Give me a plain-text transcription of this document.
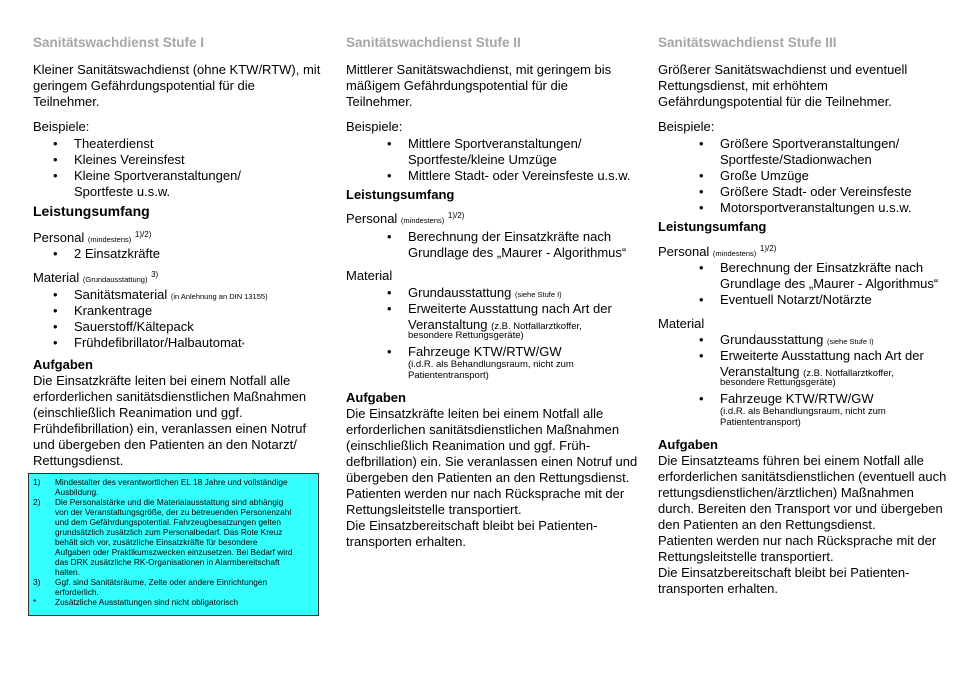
Sanitätswachdienst Stufe I
Kleiner Sanitätswachdienst (ohne KTW/RTW), mit
geringem Gefährdungspotential für die
Teilnehmer.
Beispiele:
• Theaterdienst
• Kleines Vereinsfest
• Kleine Sportveranstaltungen/
Sportfeste u.s.w.
Leistungsumfang
Personal (mindestens) $^{1)/2)}$
• 2 Einsatzkräfte
Material (Grundausstattung) $^{3)}$
• Sanitätsmaterial (in Anlehnung an DIN 13155)
• Krankentrage
• Sauerstoff/Kältepack
• Frühdefibrillator/Halbautomat*
Aufgaben
Die Einsatzkräfte leiten bei einem Notfall alle
erforderlichen sanitätsdienstlichen Maßnahmen
(einschließlich Reanimation und ggf.
Frühdefibrillation) ein, veranlassen einen Notruf
und übergeben den Patienten an den Notarzt/
Rettungsdienst.
1) Mindestalter des verantwortlichen EL 18 Jahre und vollständige
Ausbildung.
2) Die Personalstärke und die Materialausstattung sind abhängig
von der Veranstaltungsgröße, der zu betreuenden Personenzahl
und dem Gefährdungspotential. Fahrzeugbesatzungen gelten
grundsätzlich zusätzlich zum Personalbedarf. Das Rote Kreuz
behält sich vor, zusätzliche Einsatzkräfte für besondere
Aufgaben oder Praktikumszwecken einzusetzen. Bei Bedarf wird
das DRK zusätzliche RK-Organisationen in Alarmbereitschaft
halten.
3) Ggf. sind Sanitätsräume, Zelte oder andere Einrichtungen
erforderlich.
* Zusätzliche Ausstattungen sind nicht obligatorisch
Sanitätswachdienst Stufe II
Mittlerer Sanitätswachdienst, mit geringem bis
mäßigem Gefährdungspotential für die
Teilnehmer.
Beispiele:
• Mittlere Sportveranstaltungen/
Sportfeste/kleine Umzüge
• Mittlere Stadt- oder Vereinsfeste u.s.w.
Leistungsumfang
Personal (mindestens) $^{1)/2)}$
• Berechnung der Einsatzkräfte nach
Grundlage des „Maurer - Algorithmus“
Material
• Grundausstattung (siehe Stufe I)
• Erweiterte Ausstattung nach Art der
Veranstaltung (z.B. Notfallarztkoffer,
besondere Rettungsgeräte)
• Fahrzeuge KTW/RTW/GW
(i.d.R. als Behandlungsraum, nicht zum
Patiententransport)
Aufgaben
Die Einsatzkräfte leiten bei einem Notfall alle
erforderlichen sanitätsdienstlichen Maßnahmen
(einschließlich Reanimation und ggf. Früh-
defbrillation) ein. Sie veranlassen einen Notruf und
übergeben den Patienten an den Rettungsdienst.
Patienten werden nur nach Rücksprache mit der
Rettungsleitstelle transportiert.
Die Einsatzbereitschaft bleibt bei Patienten-
transporten erhalten.
Sanitätswachdienst Stufe III
Größerer Sanitätswachdienst und eventuell
Rettungsdienst, mit erhöhtem
Gefährdungspotential für die Teilnehmer.
Beispiele:
• Größere Sportveranstaltungen/
Sportfeste/Stadionwachen
• Große Umzüge
• Größere Stadt- oder Vereinsfeste
• Motorsportveranstaltungen u.s.w.
Leistungsumfang
Personal (mindestens) $^{1)/2)}$
• Berechnung der Einsatzkräfte nach
Grundlage des „Maurer - Algorithmus“
• Eventuell Notarzt/Notärzte
Material
• Grundausstattung (siehe Stufe I)
• Erweiterte Ausstattung nach Art der
Veranstaltung (z.B. Notfallarztkoffer,
besondere Rettungsgeräte)
• Fahrzeuge KTW/RTW/GW
(i.d.R. als Behandlungsraum, nicht zum
Patiententransport)
Aufgaben
Die Einsatzteams führen bei einem Notfall alle
erforderlichen sanitätsdienstlichen (eventuell auch
rettungsdienstlichen/ärztlichen) Maßnahmen
durch. Bereiten den Transport vor und übergeben
den Patienten an den Rettungsdienst.
Patienten werden nur nach Rücksprache mit der
Rettungsleitstelle transportiert.
Die Einsatzbereitschaft bleibt bei Patienten-
transporten erhalten.
